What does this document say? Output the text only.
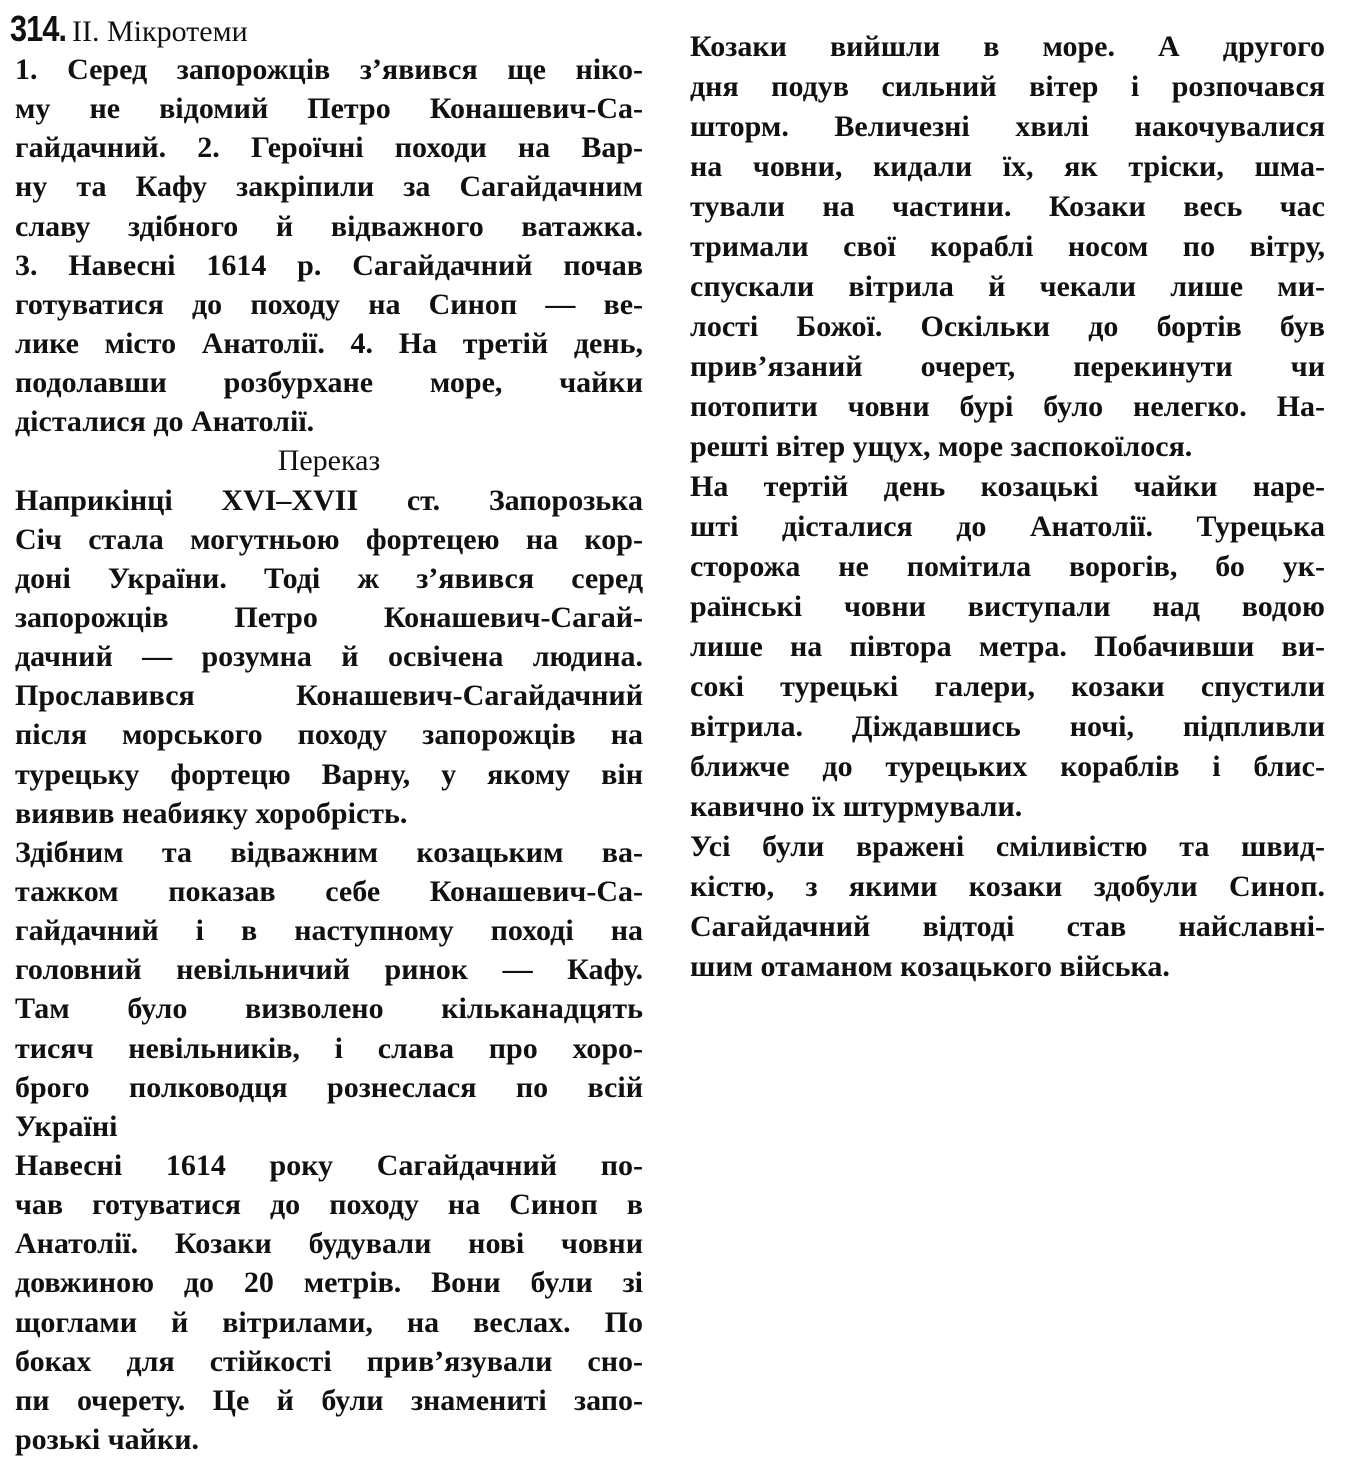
314. ІІ. Мікротеми
1. Серед запорожців з’явився ще ніко-
му не відомий Петро Конашевич-Са-
гайдачний. 2. Героїчні походи на Вар-
ну та Кафу закріпили за Сагайдачним
славу здібного й відважного ватажка.
3. Навесні 1614 р. Сагайдачний почав
готуватися до походу на Синоп — ве-
лике місто Анатолії. 4. На третій день,
подолавши розбурхане море, чайки
дісталися до Анатолії.
Переказ
Наприкінці XVI–XVII ст. Запорозька
Січ стала могутньою фортецею на кор-
доні України. Тоді ж з’явився серед
запорожців Петро Конашевич-Сагай-
дачний — розумна й освічена людина.
Прославився Конашевич-Сагайдачний
після морського походу запорожців на
турецьку фортецю Варну, у якому він
виявив неабияку хоробрість.
Здібним та відважним козацьким ва-
тажком показав себе Конашевич-Са-
гайдачний і в наступному поході на
головний невільничий ринок — Кафу.
Там було визволено кільканадцять
тисяч невільників, і слава про хоро-
брого полководця рознеслася по всій
Україні
Навесні 1614 року Сагайдачний по-
чав готуватися до походу на Синоп в
Анатолії. Козаки будували нові човни
довжиною до 20 метрів. Вони були зі
щоглами й вітрилами, на веслах. По
боках для стійкості прив’язували сно-
пи очерету. Це й були знамениті запо-
розькі чайки.
Козаки вийшли в море. А другого
дня подув сильний вітер і розпочався
шторм. Величезні хвилі накочувалися
на човни, кидали їх, як тріски, шма-
тували на частини. Козаки весь час
тримали свої кораблі носом по вітру,
спускали вітрила й чекали лише ми-
лості Божої. Оскільки до бортів був
прив’язаний очерет, перекинути чи
потопити човни бурі було нелегко. На-
решті вітер ущух, море заспокоїлося.
На тертій день козацькі чайки наре-
шті дісталися до Анатолії. Турецька
сторожа не помітила ворогів, бо ук-
раїнські човни виступали над водою
лише на півтора метра. Побачивши ви-
сокі турецькі галери, козаки спустили
вітрила. Діждавшись ночі, підпливли
ближче до турецьких кораблів і блис-
кавично їх штурмували.
Усі були вражені сміливістю та швид-
кістю, з якими козаки здобули Синоп.
Сагайдачний відтоді став найславні-
шим отаманом козацького війська.
